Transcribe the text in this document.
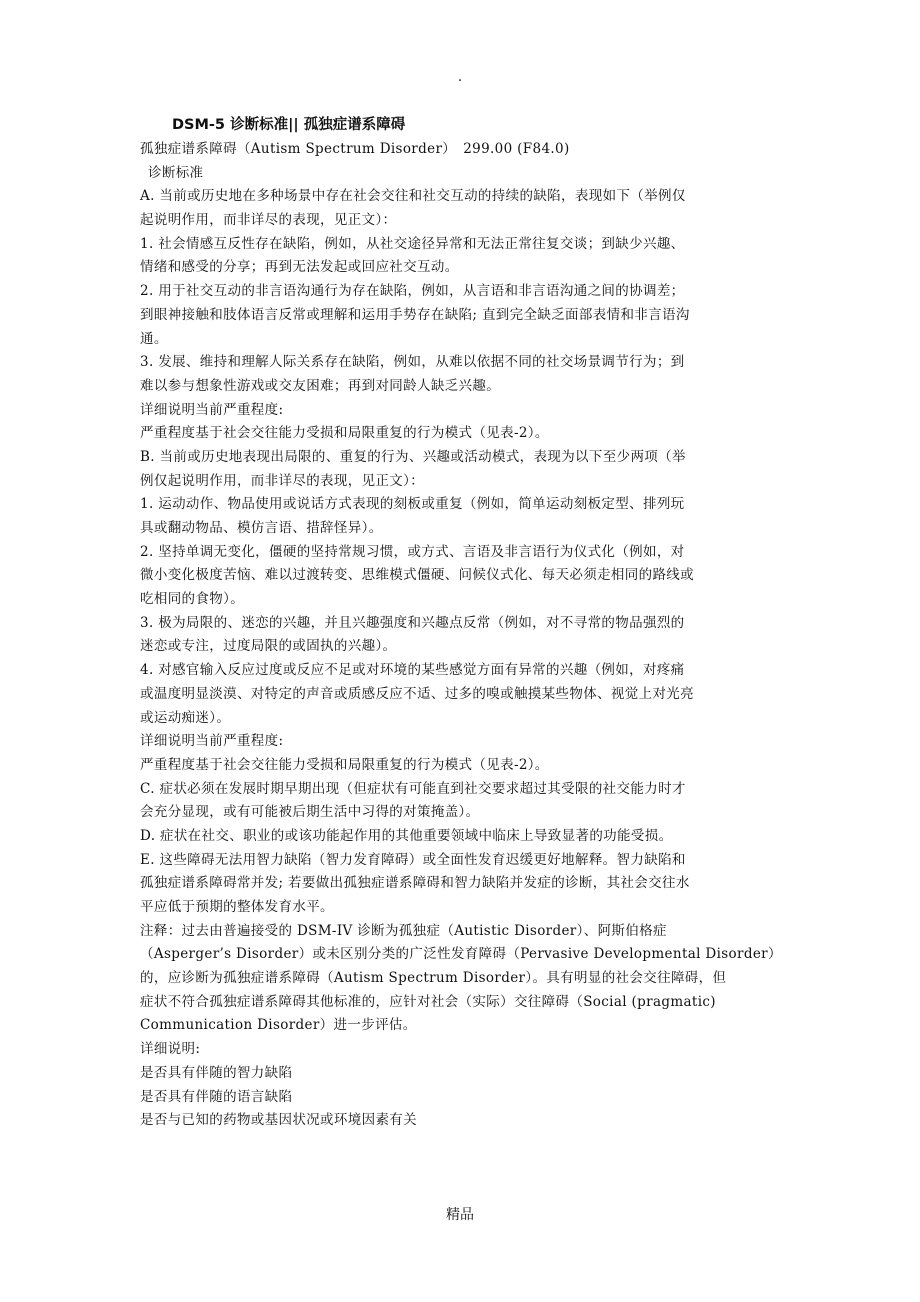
.
DSM-5 诊断标准|| 孤独症谱系障碍
孤独症谱系障碍（Autism Spectrum Disorder）　299.00 (F84.0)
诊断标准
A. 当前或历史地在多种场景中存在社会交往和社交互动的持续的缺陷，表现如下（举例仅
起说明作用，而非详尽的表现，见正文）：
1. 社会情感互反性存在缺陷，例如，从社交途径异常和无法正常往复交谈；到缺少兴趣、
情绪和感受的分享；再到无法发起或回应社交互动。
2. 用于社交互动的非言语沟通行为存在缺陷，例如，从言语和非言语沟通之间的协调差；
到眼神接触和肢体语言反常或理解和运用手势存在缺陷; 直到完全缺乏面部表情和非言语沟
通。
3. 发展、维持和理解人际关系存在缺陷，例如，从难以依据不同的社交场景调节行为；到
难以参与想象性游戏或交友困难；再到对同龄人缺乏兴趣。
详细说明当前严重程度:
严重程度基于社会交往能力受损和局限重复的行为模式（见表-2）。
B. 当前或历史地表现出局限的、重复的行为、兴趣或活动模式，表现为以下至少两项（举
例仅起说明作用，而非详尽的表现，见正文）：
1. 运动动作、物品使用或说话方式表现的刻板或重复（例如，简单运动刻板定型、排列玩
具或翻动物品、模仿言语、措辞怪异）。
2. 坚持单调无变化，僵硬的坚持常规习惯，或方式、言语及非言语行为仪式化（例如，对
微小变化极度苦恼、难以过渡转变、思维模式僵硬、问候仪式化、每天必须走相同的路线或
吃相同的食物）。
3. 极为局限的、迷恋的兴趣，并且兴趣强度和兴趣点反常（例如，对不寻常的物品强烈的
迷恋或专注，过度局限的或固执的兴趣）。
4. 对感官输入反应过度或反应不足或对环境的某些感觉方面有异常的兴趣（例如，对疼痛
或温度明显淡漠、对特定的声音或质感反应不适、过多的嗅或触摸某些物体、视觉上对光亮
或运动痴迷）。
详细说明当前严重程度:
严重程度基于社会交往能力受损和局限重复的行为模式（见表-2）。
C. 症状必须在发展时期早期出现（但症状有可能直到社交要求超过其受限的社交能力时才
会充分显现，或有可能被后期生活中习得的对策掩盖）。
D. 症状在社交、职业的或该功能起作用的其他重要领域中临床上导致显著的功能受损。
E. 这些障碍无法用智力缺陷（智力发育障碍）或全面性发育迟缓更好地解释。智力缺陷和
孤独症谱系障碍常并发; 若要做出孤独症谱系障碍和智力缺陷并发症的诊断，其社会交往水
平应低于预期的整体发育水平。
注释：过去由普遍接受的 DSM-IV 诊断为孤独症（Autistic Disorder）、阿斯伯格症
（Asperger’s Disorder）或未区别分类的广泛性发育障碍（Pervasive Developmental Disorder）
的，应诊断为孤独症谱系障碍（Autism Spectrum Disorder）。具有明显的社会交往障碍，但
症状不符合孤独症谱系障碍其他标准的，应针对社会（实际）交往障碍（Social (pragmatic)
Communication Disorder）进一步评估。
详细说明:
是否具有伴随的智力缺陷
是否具有伴随的语言缺陷
是否与已知的药物或基因状况或环境因素有关
精品
